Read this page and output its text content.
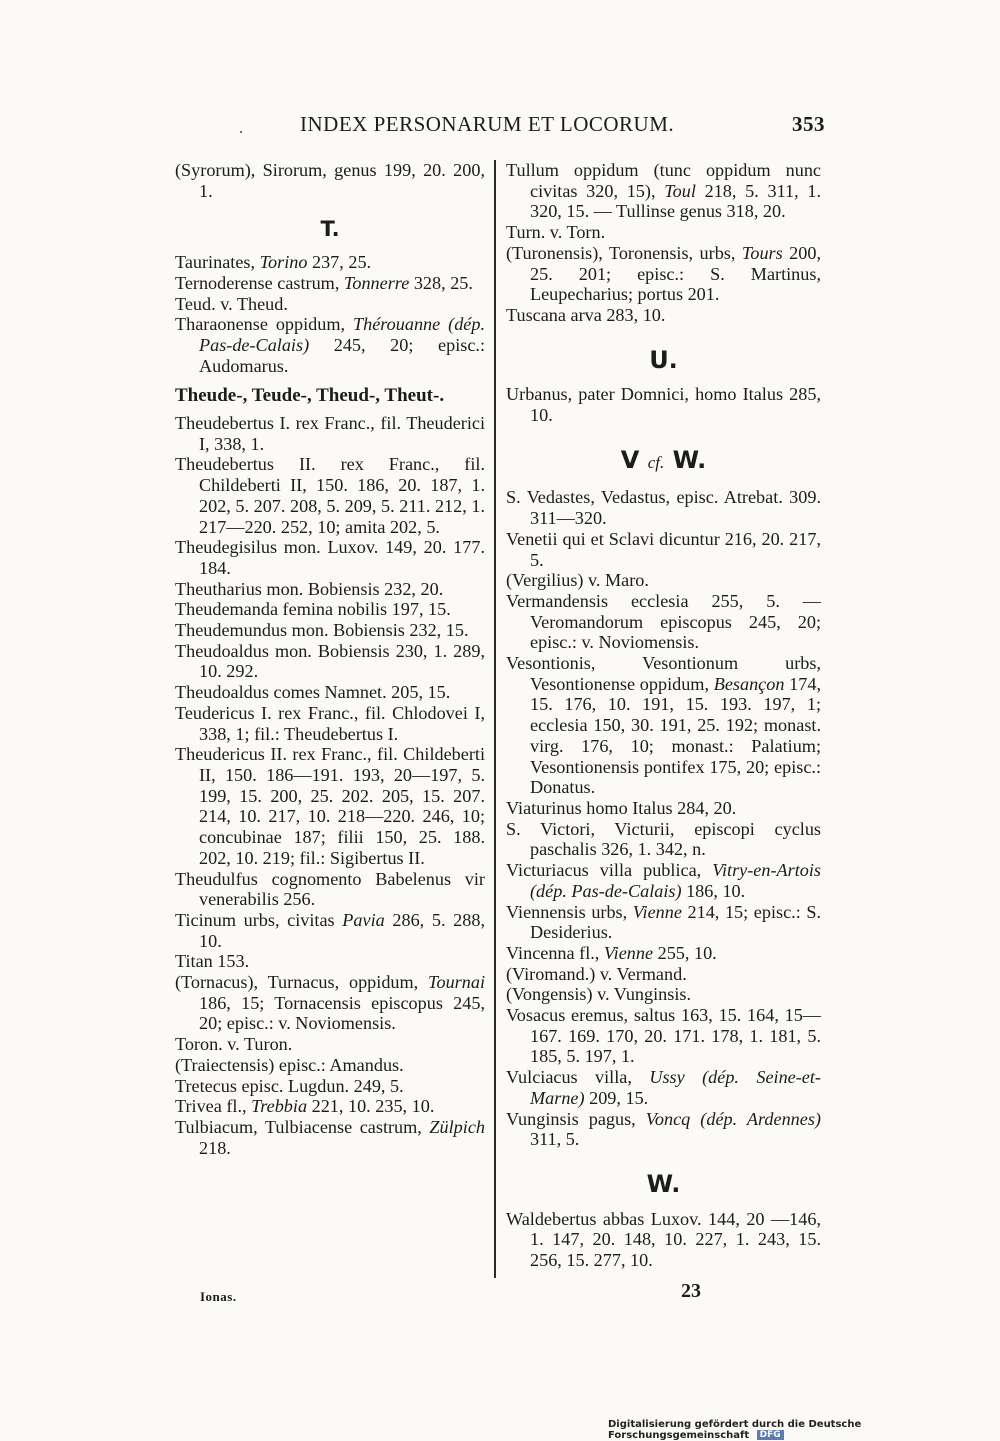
INDEX PERSONARUM ET LOCORUM.	353
(Syrorum), Sirorum, genus 199, 20. 200, 1.
T.
Taurinates, Torino 237, 25.
Ternoderense castrum, Tonnerre 328, 25.
Teud. v. Theud.
Tharaonense oppidum, Thérouanne (dép. Pas-de-Calais) 245, 20; episc.: Audomarus.
Theude-, Teude-, Theud-, Theut-.
Theudebertus I. rex Franc., fil. Theuderici I, 338, 1.
Theudebertus II. rex Franc., fil. Childeberti II, 150. 186, 20. 187, 1. 202, 5. 207. 208, 5. 209, 5. 211. 212, 1. 217—220. 252, 10; amita 202, 5.
Theudegisilus mon. Luxov. 149, 20. 177. 184.
Theutharius mon. Bobiensis 232, 20.
Theudemanda femina nobilis 197, 15.
Theudemundus mon. Bobiensis 232, 15.
Theudoaldus mon. Bobiensis 230, 1. 289, 10. 292.
Theudoaldus comes Namnet. 205, 15.
Teudericus I. rex Franc., fil. Chlodovei I, 338, 1; fil.: Theudebertus I.
Theudericus II. rex Franc., fil. Childeberti II, 150. 186—191. 193, 20—197, 5. 199, 15. 200, 25. 202. 205, 15. 207. 214, 10. 217, 10. 218—220. 246, 10; concubinae 187; filii 150, 25. 188. 202, 10. 219; fil.: Sigibertus II.
Theudulfus cognomento Babelenus vir venerabilis 256.
Ticinum urbs, civitas Pavia 286, 5. 288, 10.
Titan 153.
(Tornacus), Turnacus, oppidum, Tournai 186, 15; Tornacensis episcopus 245, 20; episc.: v. Noviomensis.
Toron. v. Turon.
(Traiectensis) episc.: Amandus.
Tretecus episc. Lugdun. 249, 5.
Trivea fl., Trebbia 221, 10. 235, 10.
Tulbiacum, Tulbiacense castrum, Zülpich 218.
Tullum oppidum (tunc oppidum nunc civitas 320, 15), Toul 218, 5. 311, 1. 320, 15. — Tullinse genus 318, 20.
Turn. v. Torn.
(Turonensis), Toronensis, urbs, Tours 200, 25. 201; episc.: S. Martinus, Leupecharius; portus 201.
Tuscana arva 283, 10.
U.
Urbanus, pater Domnici, homo Italus 285, 10.
V cf. W.
S. Vedastes, Vedastus, episc. Atrebat. 309. 311—320.
Venetii qui et Sclavi dicuntur 216, 20. 217, 5.
(Vergilius) v. Maro.
Vermandensis ecclesia 255, 5. — Veromandorum episcopus 245, 20; episc.: v. Noviomensis.
Vesontionis, Vesontionum urbs, Vesontionense oppidum, Besançon 174, 15. 176, 10. 191, 15. 193. 197, 1; ecclesia 150, 30. 191, 25. 192; monast. virg. 176, 10; monast.: Palatium; Vesontionensis pontifex 175, 20; episc.: Donatus.
Viaturinus homo Italus 284, 20.
S. Victori, Victurii, episcopi cyclus paschalis 326, 1. 342, n.
Victuriacus villa publica, Vitry-en-Artois (dép. Pas-de-Calais) 186, 10.
Viennensis urbs, Vienne 214, 15; episc.: S. Desiderius.
Vincenna fl., Vienne 255, 10.
(Viromand.) v. Vermand.
(Vongensis) v. Vunginsis.
Vosacus eremus, saltus 163, 15. 164, 15—167. 169. 170, 20. 171. 178, 1. 181, 5. 185, 5. 197, 1.
Vulciacus villa, Ussy (dép. Seine-et-Marne) 209, 15.
Vunginsis pagus, Voncq (dép. Ardennes) 311, 5.
W.
Waldebertus abbas Luxov. 144, 20 —146, 1. 147, 20. 148, 10. 227, 1. 243, 15. 256, 15. 277, 10.
Ionas.	23
Digitalisierung gefördert durch die Deutsche Forschungsgemeinschaft DFG
